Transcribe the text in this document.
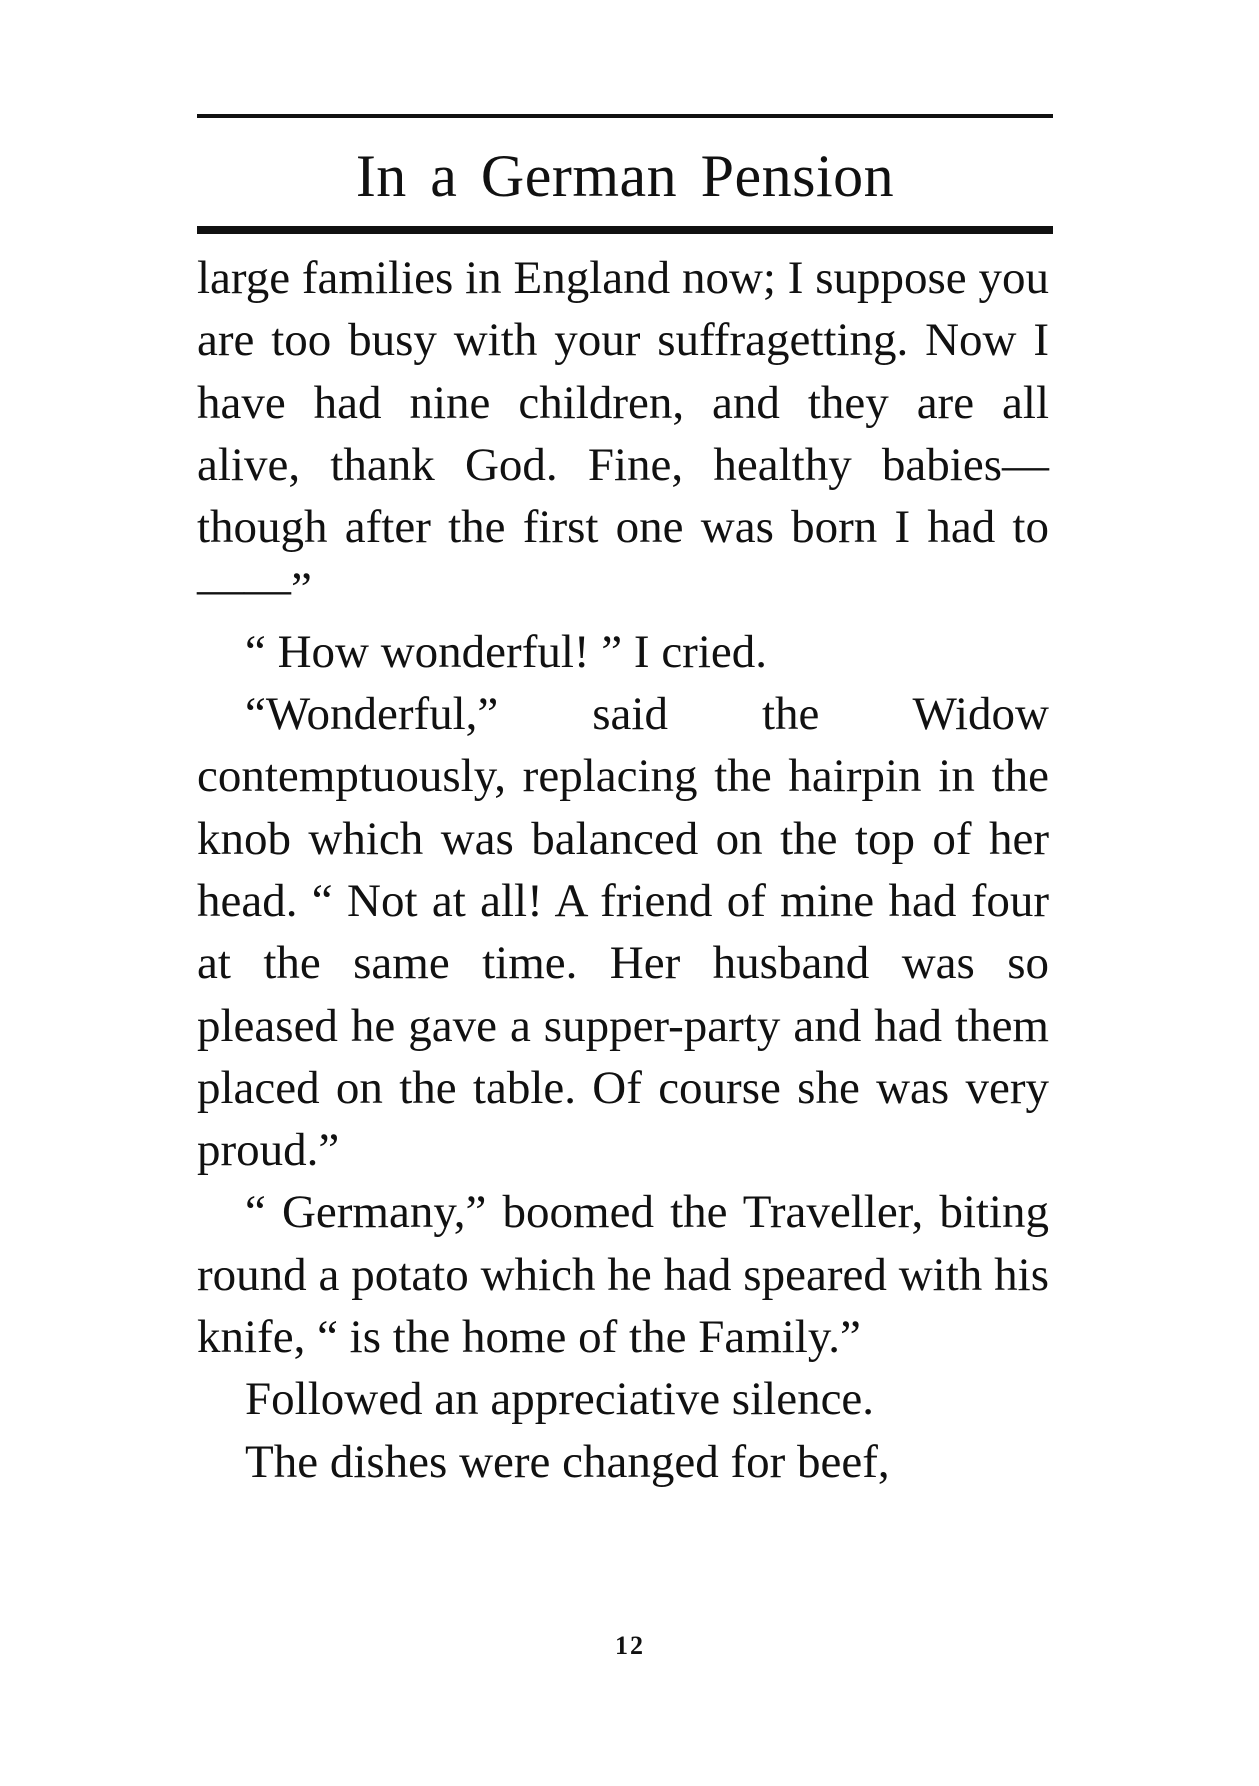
In a German Pension

large families in England now; I suppose you are too busy with your suffragetting. Now I have had nine children, and they are all alive, thank God. Fine, healthy babies—though after the first one was born I had to——”

“ How wonderful! ” I cried.

“Wonderful,” said the Widow contemptuously, replacing the hairpin in the knob which was balanced on the top of her head. “ Not at all! A friend of mine had four at the same time. Her husband was so pleased he gave a supper-party and had them placed on the table. Of course she was very proud.”

“ Germany,” boomed the Traveller, biting round a potato which he had speared with his knife, “ is the home of the Family.”

Followed an appreciative silence.

The dishes were changed for beef,

12
